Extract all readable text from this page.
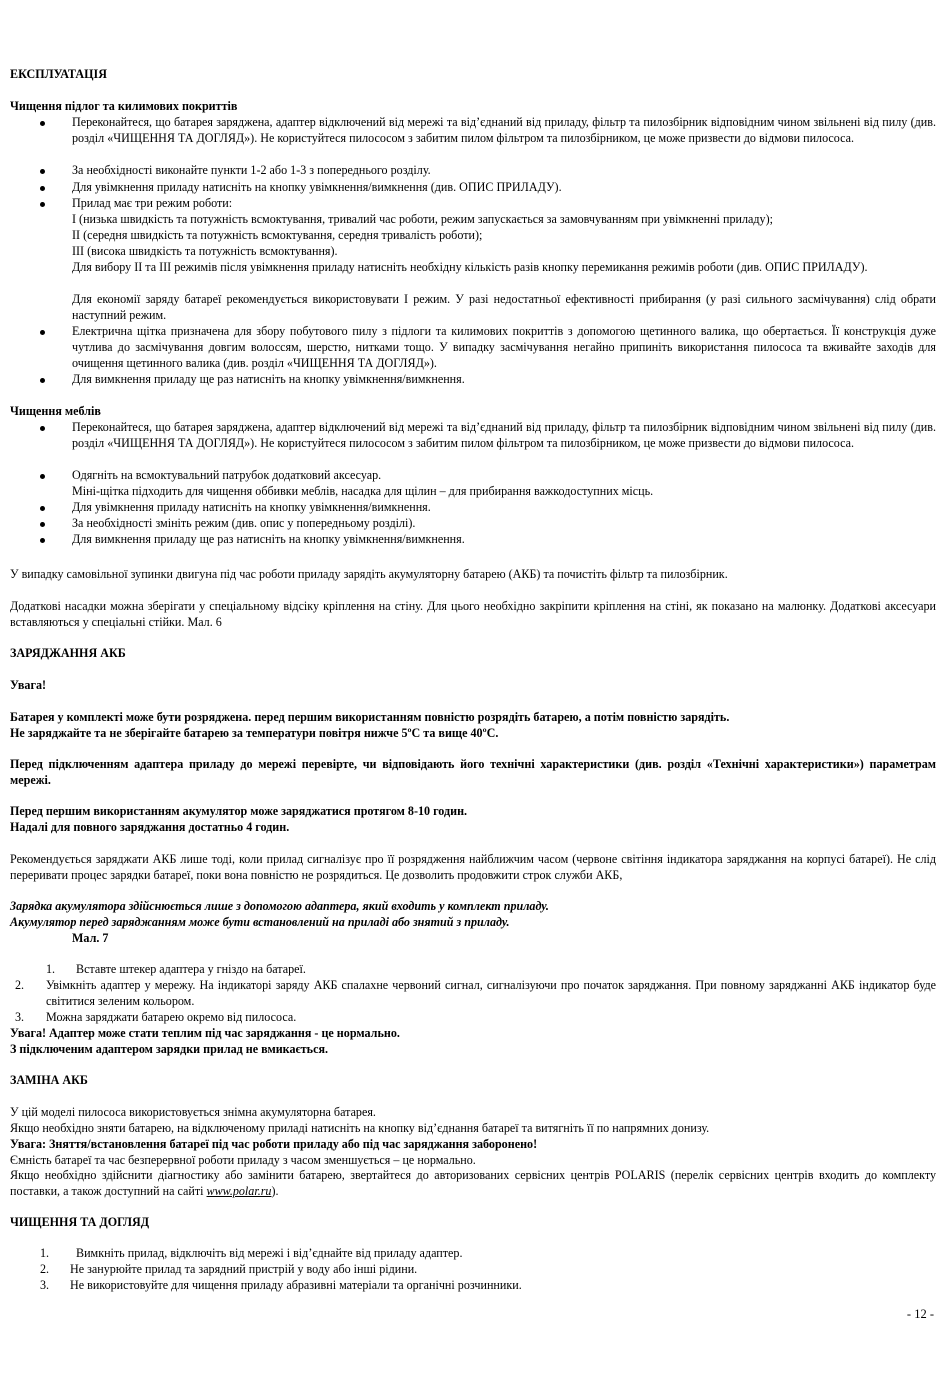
ЕКСПЛУАТАЦІЯ
Чищення підлог та килимових покриттів
Переконайтеся, що батарея заряджена, адаптер відключений від мережі та від’єднаний від приладу, фільтр та пилозбірник відповідним чином звільнені від пилу (див. розділ «ЧИЩЕННЯ ТА ДОГЛЯД»). Не користуйтеся пилососом з забитим пилом фільтром та пилозбірником, це може призвести до відмови пилососа.
За необхідності виконайте пункти 1-2 або 1-3 з попереднього розділу.
Для увімкнення приладу натисніть на кнопку увімкнення/вимкнення (див. ОПИС ПРИЛАДУ).
Прилад має три режим роботи:
I (низька швидкість та потужність всмоктування, тривалий час роботи, режим запускається за замовчуванням при увімкненні приладу);
II (середня швидкість та потужність всмоктування, середня тривалість роботи);
III (висока швидкість та потужність всмоктування).
Для вибору II та III режимів після увімкнення приладу натисніть необхідну кількість разів кнопку перемикання режимів роботи (див. ОПИС ПРИЛАДУ).
Для економії заряду батареї рекомендується використовувати I режим. У разі недостатньої ефективності прибирання (у разі сильного засмічування) слід обрати наступний режим.
Електрична щітка призначена для збору побутового пилу з підлоги та килимових покриттів з допомогою щетинного валика, що обертається. Її конструкція дуже чутлива до засмічування довгим волоссям, шерстю, нитками тощо. У випадку засмічування негайно припиніть використання пилососа та вживайте заходів для очищення щетинного валика (див. розділ «ЧИЩЕННЯ ТА ДОГЛЯД»).
Для вимкнення приладу ще раз натисніть на кнопку увімкнення/вимкнення.
Чищення меблів
Переконайтеся, що батарея заряджена, адаптер відключений від мережі та від’єднаний від приладу, фільтр та пилозбірник відповідним чином звільнені від пилу (див. розділ «ЧИЩЕННЯ ТА ДОГЛЯД»). Не користуйтеся пилососом з забитим пилом фільтром та пилозбірником, це може призвести до відмови пилососа.
Одягніть на всмоктувальний патрубок додатковий аксесуар.
Міні-щітка підходить для чищення оббивки меблів, насадка для щілин – для прибирання важкодоступних місць.
Для увімкнення приладу натисніть на кнопку увімкнення/вимкнення.
За необхідності змініть режим (див. опис у попередньому розділі).
Для вимкнення приладу ще раз натисніть на кнопку увімкнення/вимкнення.
У випадку самовільної зупинки двигуна під час роботи приладу зарядіть акумуляторну батарею (АКБ) та почистіть фільтр та пилозбірник.
Додаткові насадки можна зберігати у спеціальному відсіку кріплення на стіну. Для цього необхідно закріпити кріплення на стіні, як показано на малюнку. Додаткові аксесуари вставляються у спеціальні стійки. Мал. 6
ЗАРЯДЖАННЯ АКБ
Увага!
Батарея у комплекті може бути розряджена. перед першим використанням повністю розрядіть батарею, а потім повністю зарядіть.
Не заряджайте та не зберігайте батарею за температури повітря нижче 5ºC та вище 40ºC.
Перед підключенням адаптера приладу до мережі перевірте, чи відповідають його технічні характеристики (див. розділ «Технічні характеристики») параметрам мережі.
Перед першим використанням акумулятор може заряджатися протягом 8-10 годин.
Надалі для повного заряджання достатньо 4 годин.
Рекомендується заряджати АКБ лише тоді, коли прилад сигналізує про її розрядження найближчим часом (червоне світіння індикатора заряджання на корпусі батареї). Не слід переривати процес зарядки батареї, поки вона повністю не розрядиться. Це дозволить продовжити строк служби АКБ,
Зарядка акумулятора здійснюється лише з допомогою адаптера, який входить у комплект приладу.
Акумулятор перед заряджанням може бути встановлений на приладі або знятий з приладу.
Мал. 7
1. Вставте штекер адаптера у гніздо на батареї.
2. Увімкніть адаптер у мережу. На індикаторі заряду АКБ спалахне червоний сигнал, сигналізуючи про початок заряджання. При повному заряджанні АКБ індикатор буде світитися зеленим кольором.
3. Можна заряджати батарею окремо від пилососа.
Увага! Адаптер може стати теплим під час заряджання - це нормально.
З підключеним адаптером зарядки прилад не вмикається.
ЗАМІНА АКБ
У цій моделі пилососа використовується знімна акумуляторна батарея.
Якщо необхідно зняти батарею, на відключеному приладі натисніть на кнопку від’єднання батареї та витягніть її по напрямних донизу.
Увага: Зняття/встановлення батареї під час роботи приладу або під час заряджання заборонено!
Ємність батареї та час безперервної роботи приладу з часом зменшується – це нормально.
Якщо необхідно здійснити діагностику або замінити батарею, звертайтеся до авторизованих сервісних центрів POLARIS (перелік сервісних центрів входить до комплекту поставки, а також доступний на сайті www.polar.ru).
ЧИЩЕННЯ ТА ДОГЛЯД
1. Вимкніть прилад, відключіть від мережі і від’єднайте від приладу адаптер.
2. Не занурюйте прилад та зарядний пристрій у воду або інші рідини.
3. Не використовуйте для чищення приладу абразивні матеріали та органічні розчинники.
- 12 -
